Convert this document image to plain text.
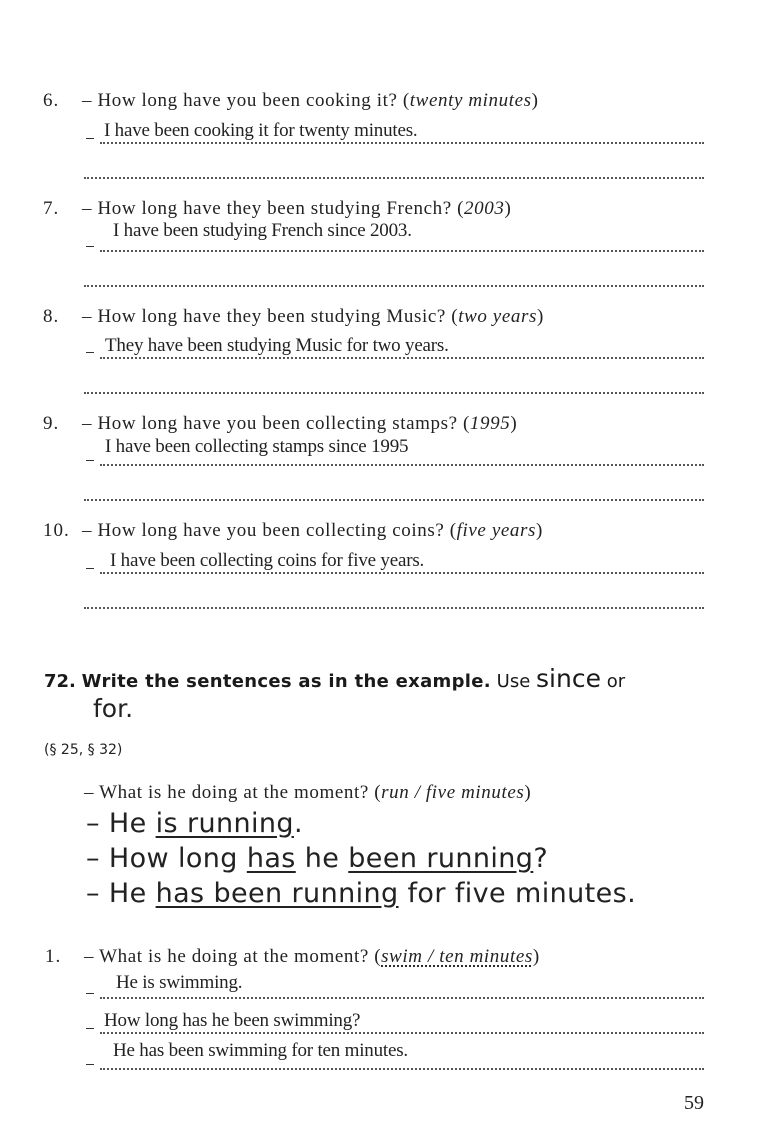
6. – How long have you been cooking it? (twenty minutes)
I have been cooking it for twenty minutes.
7. – How long have they been studying French? (2003)
I have been studying French since 2003.
8. – How long have they been studying Music? (two years)
They have been studying Music for two years.
9. – How long have you been collecting stamps? (1995)
I have been collecting stamps since 1995
10. – How long have you been collecting coins? (five years)
I have been collecting coins for five years.
72. Write the sentences as in the example. Use since or
for.
(§ 25, § 32)
– What is he doing at the moment? (run / five minutes)
– He is running.
– How long has he been running?
– He has been running for five minutes.
1. – What is he doing at the moment? (swim / ten minutes)
He is swimming.
How long has he been swimming?
He has been swimming for ten minutes.
59
